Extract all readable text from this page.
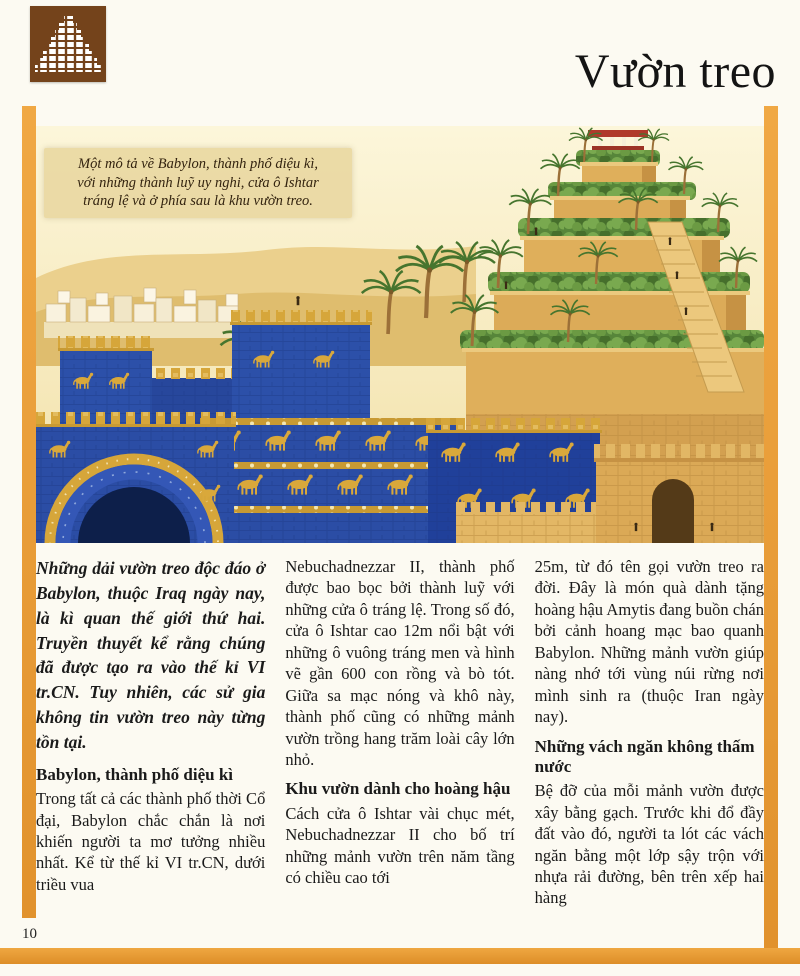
Vườn treo
Một mô tả về Babylon, thành phố diệu kì,
với những thành luỹ uy nghi, cửa ô Ishtar
tráng lệ và ở phía sau là khu vườn treo.

Những dải vườn treo độc đáo ở Babylon, thuộc Iraq ngày nay, là kì quan thế giới thứ hai. Truyền thuyết kể rằng chúng đã được tạo ra vào thế kỉ VI tr.CN. Tuy nhiên, các sử gia không tin vườn treo này từng tồn tại.

Babylon, thành phố diệu kì

Trong tất cả các thành phố thời Cổ đại, Babylon chắc chắn là nơi khiến người ta mơ tưởng nhiều nhất. Kể từ thế kỉ VI tr.CN, dưới triều vua

Nebuchadnezzar II, thành phố được bao bọc bởi thành luỹ với những cửa ô tráng lệ. Trong số đó, cửa ô Ishtar cao 12m nổi bật với những ô vuông tráng men và hình vẽ gần 600 con rồng và bò tót. Giữa sa mạc nóng và khô này, thành phố cũng có những mảnh vườn trồng hang trăm loài cây lớn nhỏ.

Khu vườn dành cho hoàng hậu

Cách cửa ô Ishtar vài chục mét, Nebuchadnezzar II cho bố trí những mảnh vườn trên năm tầng có chiều cao tới

25m, từ đó tên gọi vườn treo ra đời. Đây là món quà dành tặng hoàng hậu Amytis đang buồn chán bởi cảnh hoang mạc bao quanh Babylon. Những mảnh vườn giúp nàng nhớ tới vùng núi rừng nơi mình sinh ra (thuộc Iran ngày nay).

Những vách ngăn không thấm nước

Bệ đỡ của mỗi mảnh vườn được xây bằng gạch. Trước khi đổ đầy đất vào đó, người ta lót các vách ngăn bằng một lớp sậy trộn với nhựa rải đường, bên trên xếp hai hàng

10
